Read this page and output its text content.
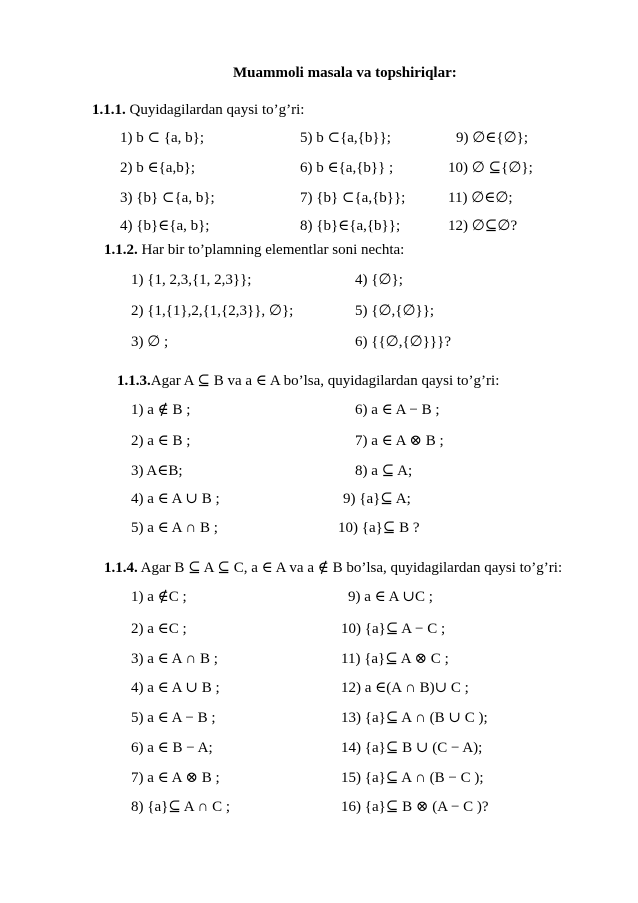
Muammoli masala va topshiriqlar:
1.1.1. Quyidagilardan qaysi to’g’ri:
1) b ⊂ {a, b};	5) b ⊂{a,{b}};	9) ∅∈{∅};
2) b ∈{a,b};	6) b ∈{a,{b}} ;	10) ∅ ⊆{∅};
3) {b} ⊂{a, b};	7) {b} ⊂{a,{b}};	11) ∅∈∅;
4) {b}∈{a, b};	8) {b}∈{a,{b}};	12) ∅⊆∅?
1.1.2. Har bir to’plamning elementlar soni nechta:
1) {1, 2,3,{1, 2,3}};	4) {∅};
2) {1,{1},2,{1,{2,3}}, ∅};	5) {∅,{∅}};
3) ∅ ;	6) {{∅,{∅}}}?
1.1.3.Agar A ⊆ B va a ∈ A bo’lsa, quyidagilardan qaysi to’g’ri:
1) a ∉ B ;	6) a ∈ A − B ;
2) a ∈ B ;	7) a ∈ A ⊗ B ;
3) A∈B;	8) a ⊆ A;
4) a ∈ A ∪ B ;	9) {a}⊆ A;
5) a ∈ A ∩ B ;	10) {a}⊆ B ?
1.1.4. Agar B ⊆ A ⊆ C, a ∈ A va a ∉ B bo’lsa, quyidagilardan qaysi to’g’ri:
1) a ∉C ;	9) a ∈ A ∪C ;
2) a ∈C ;	10) {a}⊆ A − C ;
3) a ∈ A ∩ B ;	11) {a}⊆ A ⊗ C ;
4) a ∈ A ∪ B ;	12) a ∈(A ∩ B)∪ C ;
5) a ∈ A − B ;	13) {a}⊆ A ∩ (B ∪ C );
6) a ∈ B − A;	14) {a}⊆ B ∪ (C − A);
7) a ∈ A ⊗ B ;	15) {a}⊆ A ∩ (B − C );
8) {a}⊆ A ∩ C ;	16) {a}⊆ B ⊗ (A − C )?
